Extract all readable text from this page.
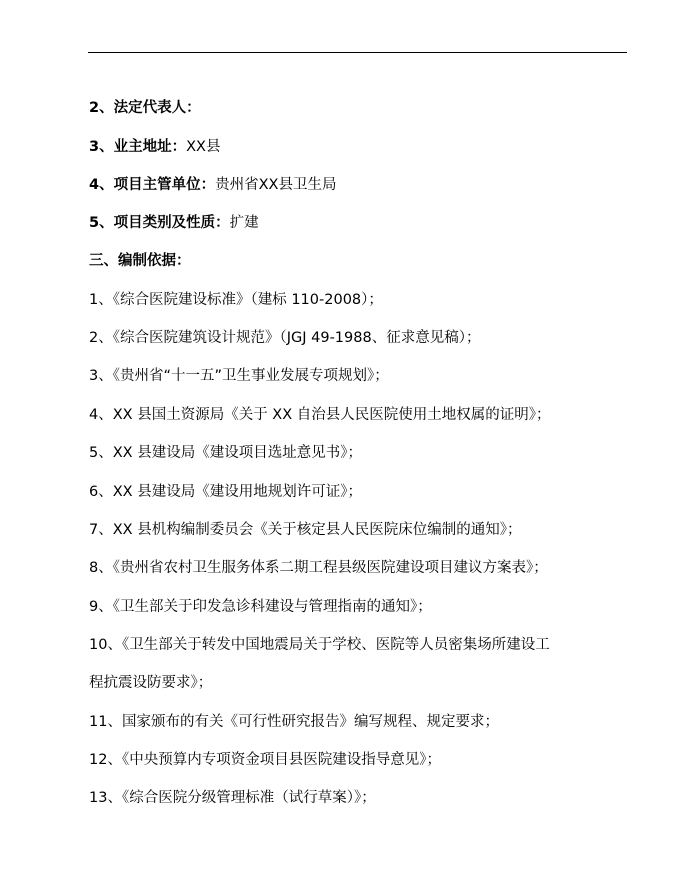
2、法定代表人：
3、业主地址：XX县
4、项目主管单位：贵州省XX县卫生局
5、项目类别及性质：扩建
三、编制依据：
1、《综合医院建设标准》（建标 110-2008）；
2、《综合医院建筑设计规范》（JGJ 49-1988、征求意见稿）；
3、《贵州省“十一五”卫生事业发展专项规划》；
4、XX 县国土资源局《关于 XX 自治县人民医院使用土地权属的证明》；
5、XX 县建设局《建设项目选址意见书》；
6、XX 县建设局《建设用地规划许可证》；
7、XX 县机构编制委员会《关于核定县人民医院床位编制的通知》；
8、《贵州省农村卫生服务体系二期工程县级医院建设项目建议方案表》；
9、《卫生部关于印发急诊科建设与管理指南的通知》；
10、《卫生部关于转发中国地震局关于学校、医院等人员密集场所建设工
程抗震设防要求》；
11、国家颁布的有关《可行性研究报告》编写规程、规定要求；
12、《中央预算内专项资金项目县医院建设指导意见》；
13、《综合医院分级管理标准（试行草案）》；
